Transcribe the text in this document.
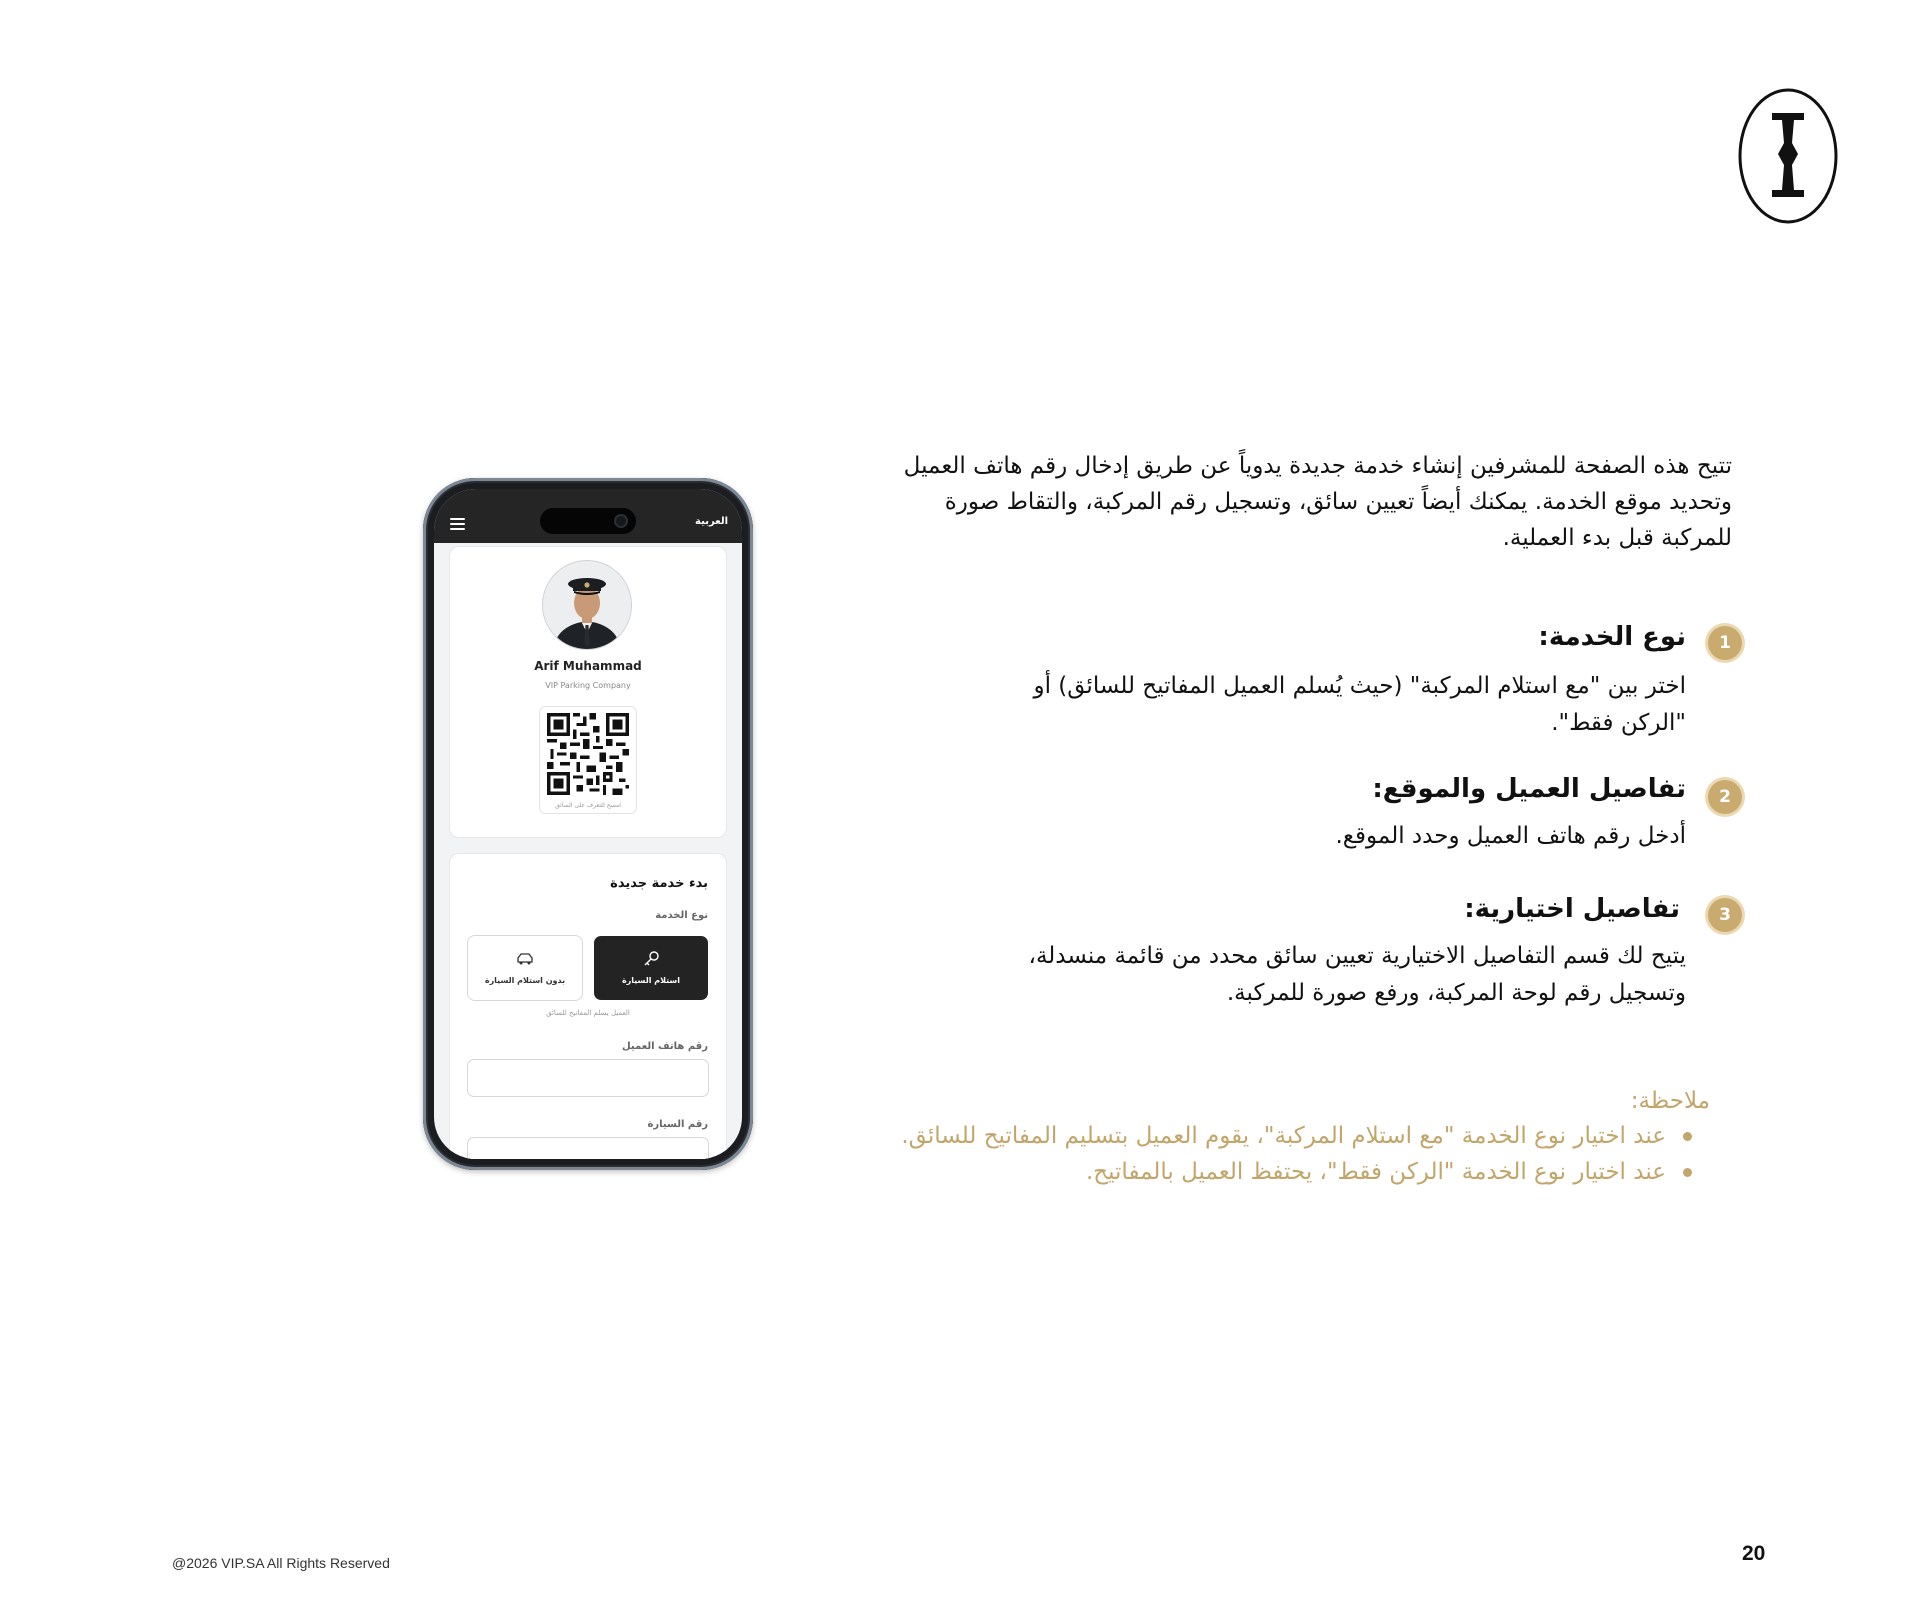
العربية
Arif Muhammad
VIP Parking Company
امسح للتعرف على السائق
بدء خدمة جديدة
نوع الخدمة
استلام السيارة
بدون استلام السيارة
العميل يسلم المفاتيح للسائق
رقم هاتف العميل
رقم السيارة
تتيح هذه الصفحة للمشرفين إنشاء خدمة جديدة يدوياً عن طريق إدخال رقم هاتف العميل وتحديد موقع الخدمة. يمكنك أيضاً تعيين سائق، وتسجيل رقم المركبة، والتقاط صورة للمركبة قبل بدء العملية.
1
نوع الخدمة:
اختر بين "مع استلام المركبة" (حيث يُسلم العميل المفاتيح للسائق) أو "الركن فقط".
2
تفاصيل العميل والموقع:
أدخل رقم هاتف العميل وحدد الموقع.
3
تفاصيل اختيارية:
يتيح لك قسم التفاصيل الاختيارية تعيين سائق محدد من قائمة منسدلة، وتسجيل رقم لوحة المركبة، ورفع صورة للمركبة.
ملاحظة:
عند اختيار نوع الخدمة "مع استلام المركبة"، يقوم العميل بتسليم المفاتيح للسائق.
عند اختيار نوع الخدمة "الركن فقط"، يحتفظ العميل بالمفاتيح.
@2026 VIP.SA All Rights Reserved	20
